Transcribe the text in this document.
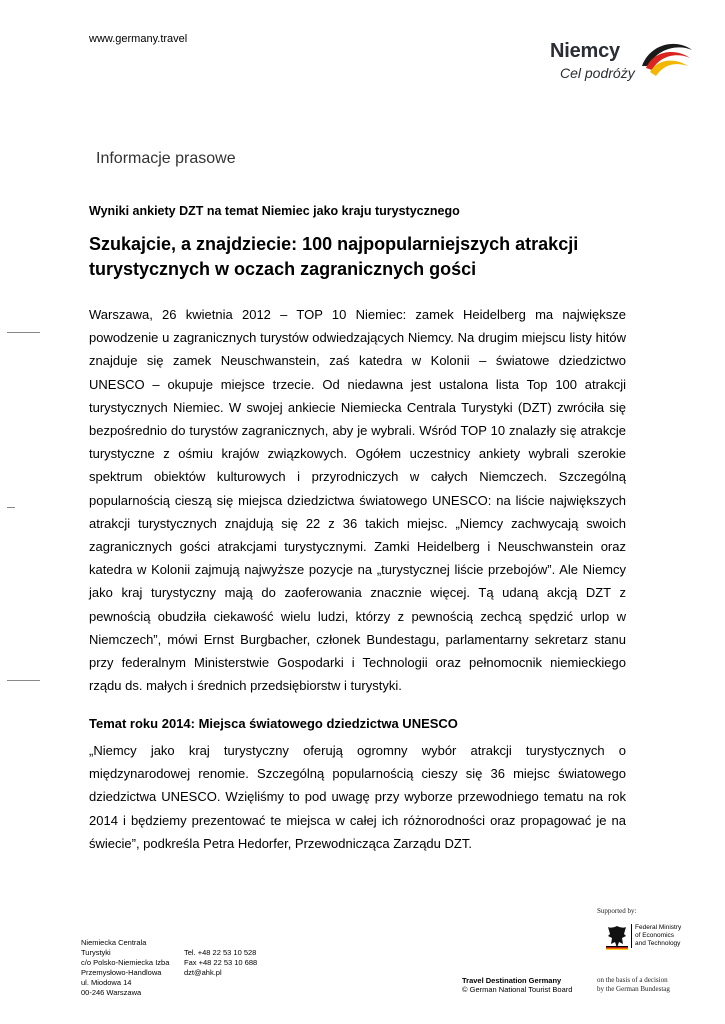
www.germany.travel
Niemcy
Cel podróży
Informacje prasowe
Wyniki ankiety DZT na temat Niemiec jako kraju turystycznego
Szukajcie, a znajdziecie: 100 najpopularniejszych atrakcji turystycznych w oczach zagranicznych gości
Warszawa, 26 kwietnia 2012 – TOP 10 Niemiec: zamek Heidelberg ma największe powodzenie u zagranicznych turystów odwiedzających Niemcy. Na drugim miejscu listy hitów znajduje się zamek Neuschwanstein, zaś katedra w Kolonii – światowe dziedzictwo UNESCO – okupuje miejsce trzecie. Od niedawna jest ustalona lista Top 100 atrakcji turystycznych Niemiec. W swojej ankiecie Niemiecka Centrala Turystyki (DZT) zwróciła się bezpośrednio do turystów zagranicznych, aby je wybrali. Wśród TOP 10 znalazły się atrakcje turystyczne z ośmiu krajów związkowych. Ogółem uczestnicy ankiety wybrali szerokie spektrum obiektów kulturowych i przyrodniczych w całych Niemczech. Szczególną popularnością cieszą się miejsca dziedzictwa światowego UNESCO: na liście największych atrakcji turystycznych znajdują się 22 z 36 takich miejsc. „Niemcy zachwycają swoich zagranicznych gości atrakcjami turystycznymi. Zamki Heidelberg i Neuschwanstein oraz katedra w Kolonii zajmują najwyższe pozycje na „turystycznej liście przebojów”. Ale Niemcy jako kraj turystyczny mają do zaoferowania znacznie więcej. Tą udaną akcją DZT z pewnością obudziła ciekawość wielu ludzi, którzy z pewnością zechcą spędzić urlop w Niemczech”, mówi Ernst Burgbacher, członek Bundestagu, parlamentarny sekretarz stanu przy federalnym Ministerstwie Gospodarki i Technologii oraz pełnomocnik niemieckiego rządu ds. małych i średnich przedsiębiorstw i turystyki.
Temat roku 2014: Miejsca światowego dziedzictwa UNESCO
„Niemcy jako kraj turystyczny oferują ogromny wybór atrakcji turystycznych o międzynarodowej renomie. Szczególną popularnością cieszy się 36 miejsc światowego dziedzictwa UNESCO. Wzięliśmy to pod uwagę przy wyborze przewodniego tematu na rok 2014 i będziemy prezentować te miejsca w całej ich różnorodności oraz propagować je na świecie”, podkreśla Petra Hedorfer, Przewodnicząca Zarządu DZT.
Niemiecka Centrala
Turystyki
c/o Polsko-Niemiecka Izba
Przemysłowo-Handlowa
ul. Miodowa 14
00-246 Warszawa
Tel. +48 22 53 10 528
Fax +48 22 53 10 688
dzt@ahk.pl
Travel Destination Germany
© German National Tourist Board
Supported by:
Federal Ministry
of Economics
and Technology
on the basis of a decision
by the German Bundestag
